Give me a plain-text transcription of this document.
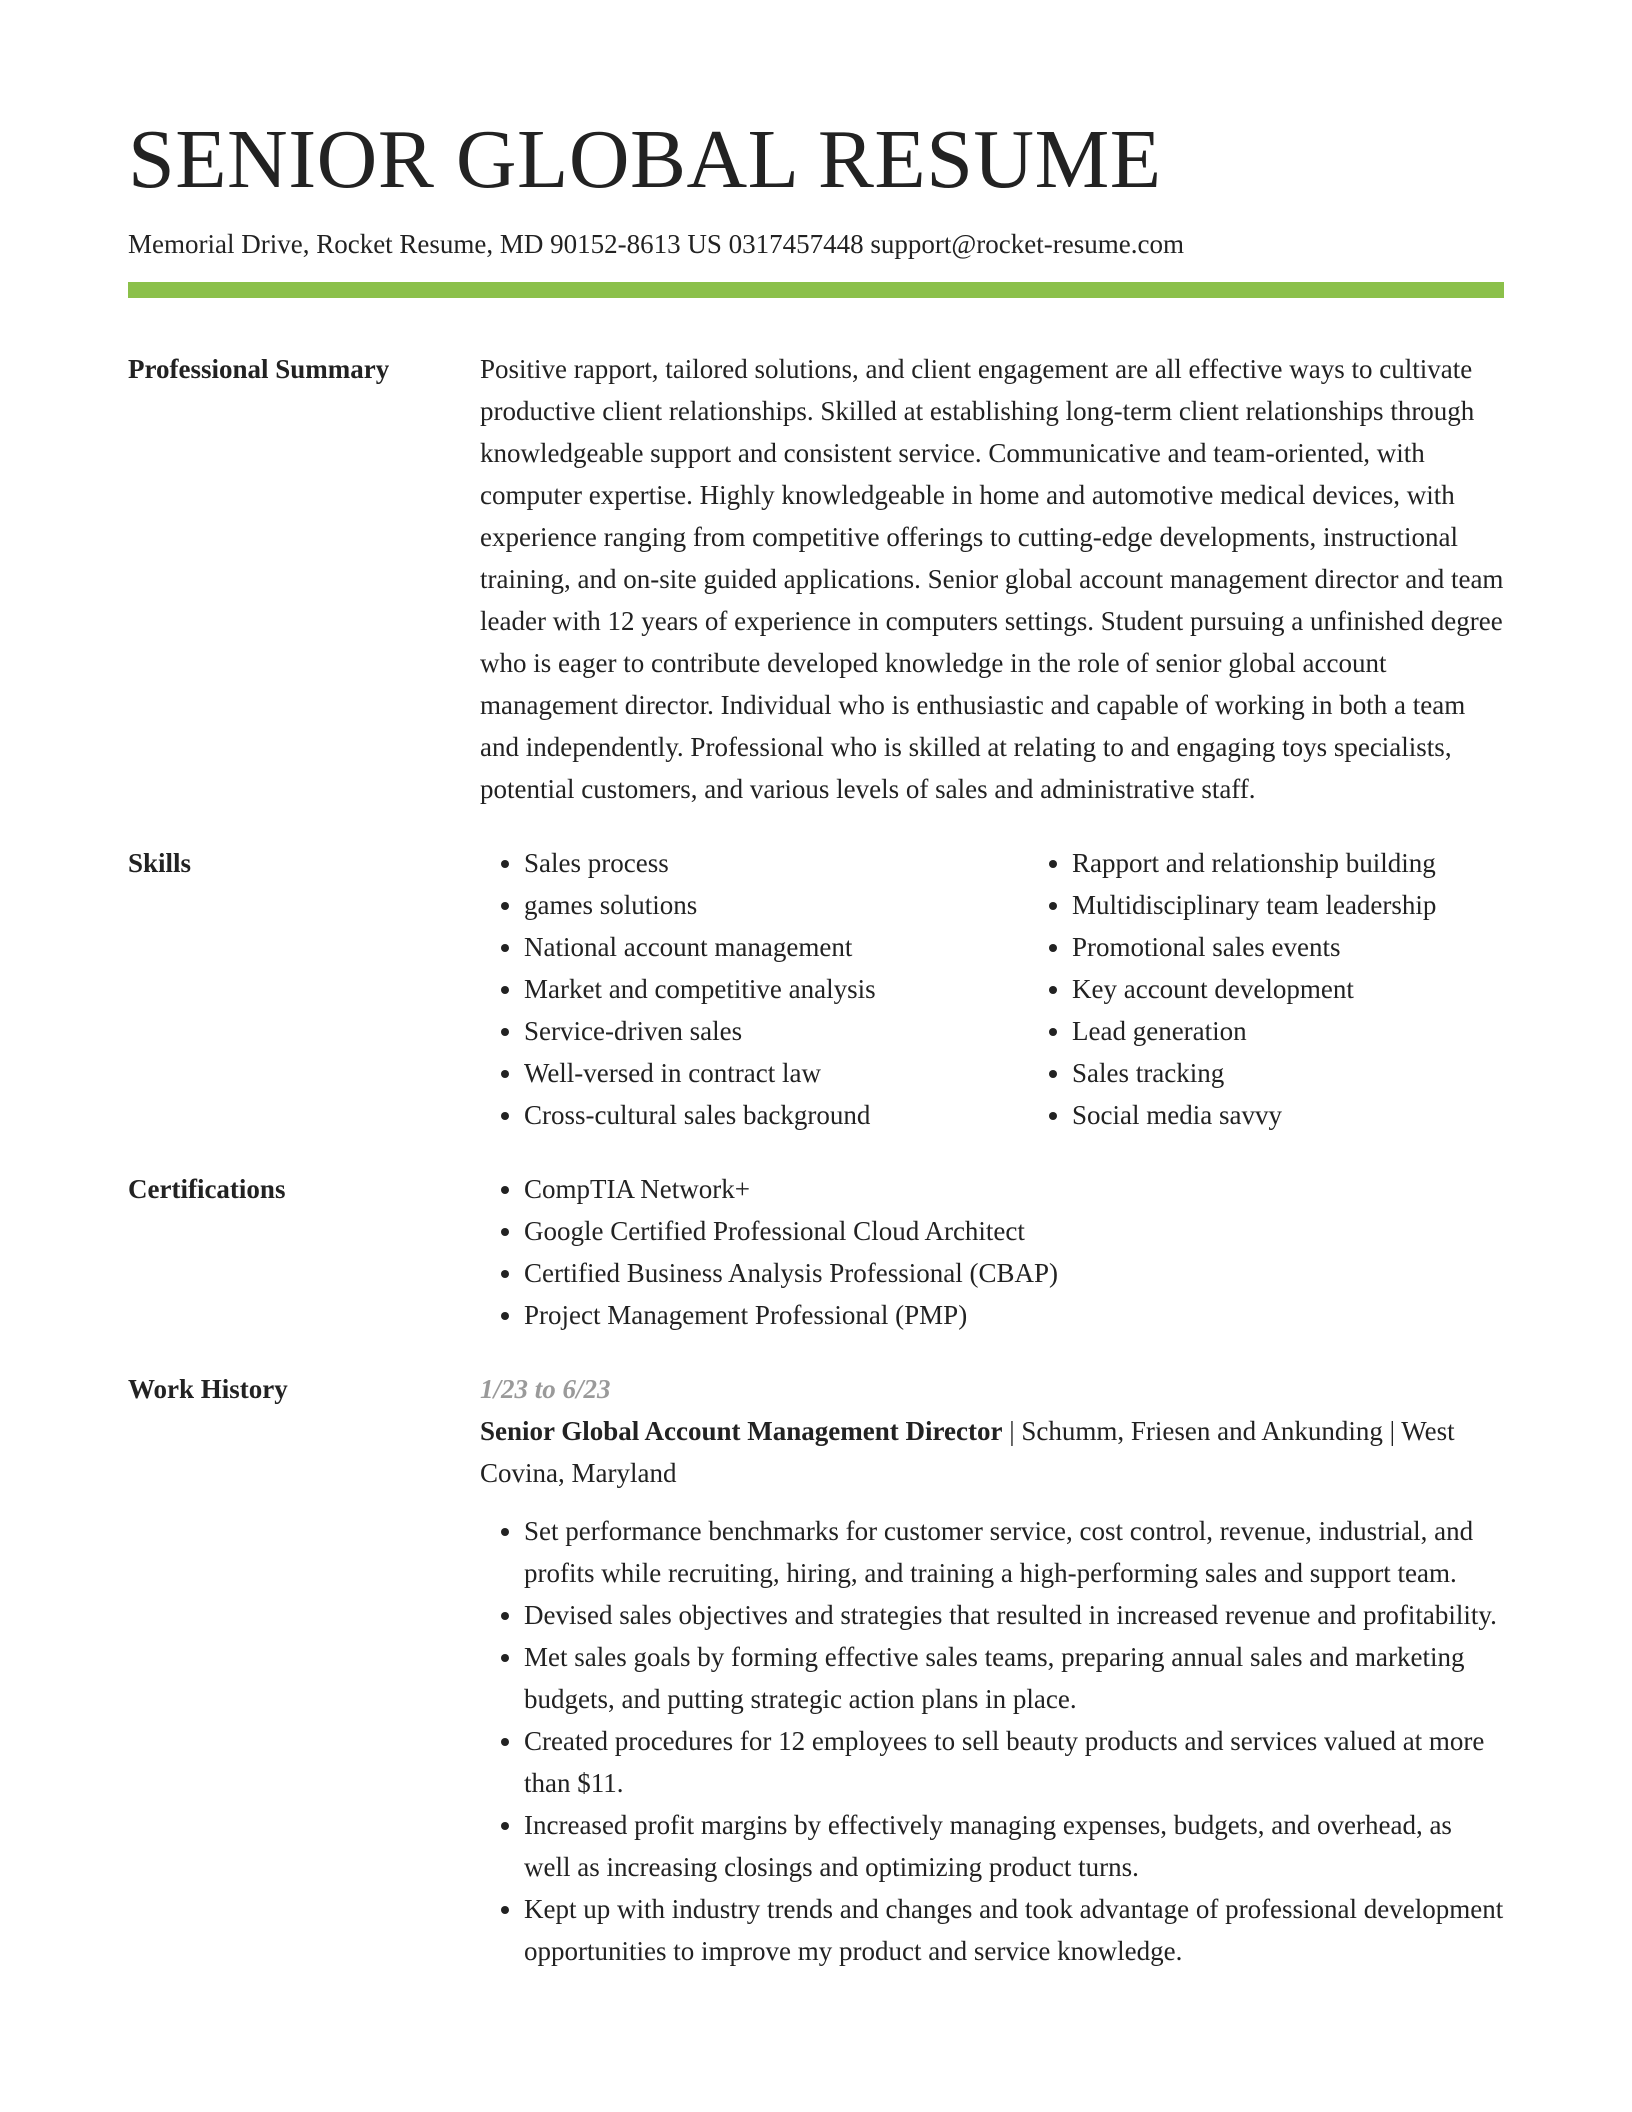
SENIOR GLOBAL RESUME
Memorial Drive, Rocket Resume, MD 90152-8613 US 0317457448 support@rocket-resume.com
Professional Summary	Positive rapport, tailored solutions, and client engagement are all effective ways to cultivate productive client relationships. Skilled at establishing long-term client relationships through knowledgeable support and consistent service. Communicative and team-oriented, with computer expertise. Highly knowledgeable in home and automotive medical devices, with experience ranging from competitive offerings to cutting-edge developments, instructional training, and on-site guided applications. Senior global account management director and team leader with 12 years of experience in computers settings. Student pursuing a unfinished degree who is eager to contribute developed knowledge in the role of senior global account management director. Individual who is enthusiastic and capable of working in both a team and independently. Professional who is skilled at relating to and engaging toys specialists, potential customers, and various levels of sales and administrative staff.
Skills	• Sales process
• games solutions
• National account management
• Market and competitive analysis
• Service-driven sales
• Well-versed in contract law
• Cross-cultural sales background
• Rapport and relationship building
• Multidisciplinary team leadership
• Promotional sales events
• Key account development
• Lead generation
• Sales tracking
• Social media savvy
Certifications	• CompTIA Network+
• Google Certified Professional Cloud Architect
• Certified Business Analysis Professional (CBAP)
• Project Management Professional (PMP)
Work History	1/23 to 6/23
Senior Global Account Management Director | Schumm, Friesen and Ankunding | West Covina, Maryland
• Set performance benchmarks for customer service, cost control, revenue, industrial, and profits while recruiting, hiring, and training a high-performing sales and support team.
• Devised sales objectives and strategies that resulted in increased revenue and profitability.
• Met sales goals by forming effective sales teams, preparing annual sales and marketing budgets, and putting strategic action plans in place.
• Created procedures for 12 employees to sell beauty products and services valued at more than $11.
• Increased profit margins by effectively managing expenses, budgets, and overhead, as well as increasing closings and optimizing product turns.
• Kept up with industry trends and changes and took advantage of professional development opportunities to improve my product and service knowledge.
